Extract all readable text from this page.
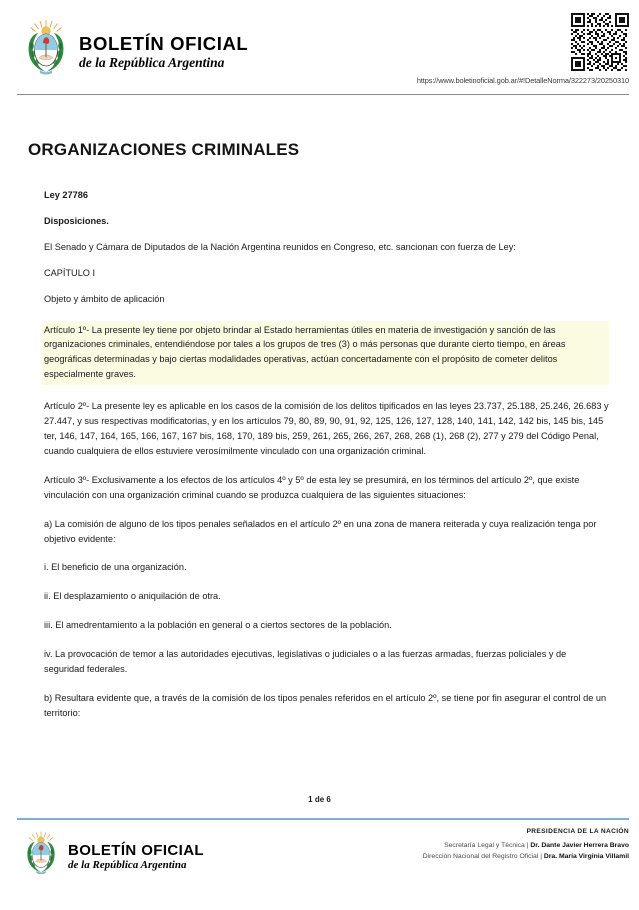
BOLETÍN OFICIAL
de la República Argentina
https://www.boletinoficial.gob.ar/#!DetalleNorma/322273/20250310
ORGANIZACIONES CRIMINALES

Ley 27786

Disposiciones.

El Senado y Cámara de Diputados de la Nación Argentina reunidos en Congreso, etc. sancionan con fuerza de Ley:

CAPÍTULO I

Objeto y ámbito de aplicación

Artículo 1º- La presente ley tiene por objeto brindar al Estado herramientas útiles en materia de investigación y sanción de las organizaciones criminales, entendiéndose por tales a los grupos de tres (3) o más personas que durante cierto tiempo, en áreas geográficas determinadas y bajo ciertas modalidades operativas, actúan concertadamente con el propósito de cometer delitos especialmente graves.

Artículo 2º- La presente ley es aplicable en los casos de la comisión de los delitos tipificados en las leyes 23.737, 25.188, 25.246, 26.683 y 27.447, y sus respectivas modificatorias, y en los artículos 79, 80, 89, 90, 91, 92, 125, 126, 127, 128, 140, 141, 142, 142 bis, 145 bis, 145 ter, 146, 147, 164, 165, 166, 167, 167 bis, 168, 170, 189 bis, 259, 261, 265, 266, 267, 268, 268 (1), 268 (2), 277 y 279 del Código Penal, cuando cualquiera de ellos estuviere verosímilmente vinculado con una organización criminal.

Artículo 3º- Exclusivamente a los efectos de los artículos 4º y 5º de esta ley se presumirá, en los términos del artículo 2º, que existe vinculación con una organización criminal cuando se produzca cualquiera de las siguientes situaciones:

a) La comisión de alguno de los tipos penales señalados en el artículo 2º en una zona de manera reiterada y cuya realización tenga por objetivo evidente:

i. El beneficio de una organización.

ii. El desplazamiento o aniquilación de otra.

iii. El amedrentamiento a la población en general o a ciertos sectores de la población.

iv. La provocación de temor a las autoridades ejecutivas, legislativas o judiciales o a las fuerzas armadas, fuerzas policiales y de seguridad federales.

b) Resultara evidente que, a través de la comisión de los tipos penales referidos en el artículo 2º, se tiene por fin asegurar el control de un territorio:

1 de 6
BOLETÍN OFICIAL
de la República Argentina
PRESIDENCIA DE LA NACIÓN
Secretaría Legal y Técnica | Dr. Dante Javier Herrera Bravo
Dirección Nacional del Registro Oficial | Dra. María Virginia Villamil
